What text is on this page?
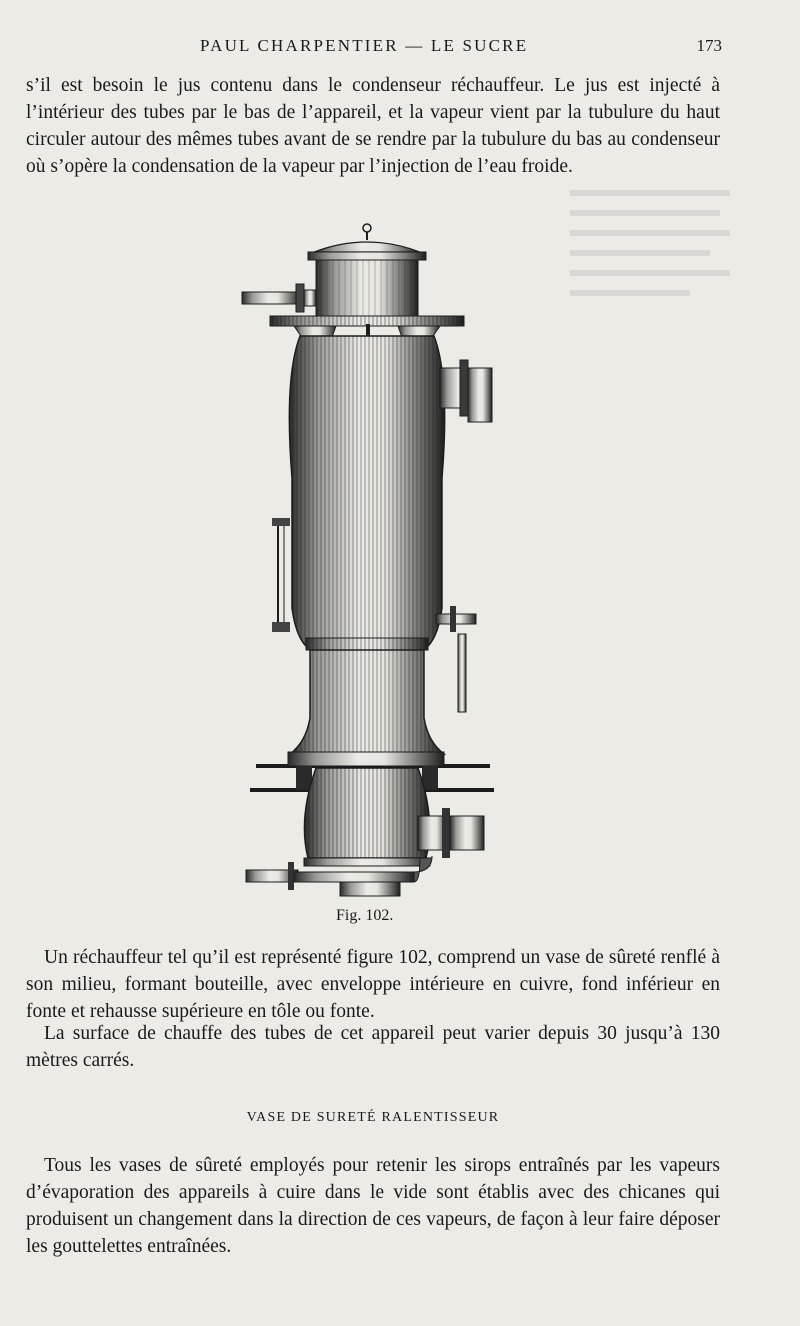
PAUL CHARPENTIER — LE SUCRE	173

s’il est besoin le jus contenu dans le condenseur réchauffeur. Le jus est injecté à l’intérieur des tubes par le bas de l’appareil, et la vapeur vient par la tubulure du haut circuler autour des mêmes tubes avant de se rendre par la tubulure du bas au condenseur où s’opère la condensation de la vapeur par l’injection de l’eau froide.

Fig. 102.

Un réchauffeur tel qu’il est représenté figure 102, comprend un vase de sûreté renflé à son milieu, formant bouteille, avec enveloppe intérieure en cuivre, fond inférieur en fonte et rehausse supérieure en tôle ou fonte.

La surface de chauffe des tubes de cet appareil peut varier depuis 30 jusqu’à 130 mètres carrés.

VASE DE SURETÉ RALENTISSEUR

Tous les vases de sûreté employés pour retenir les sirops entraînés par les vapeurs d’évaporation des appareils à cuire dans le vide sont établis avec des chicanes qui produisent un changement dans la direction de ces vapeurs, de façon à leur faire déposer les gouttelettes entraînées.
